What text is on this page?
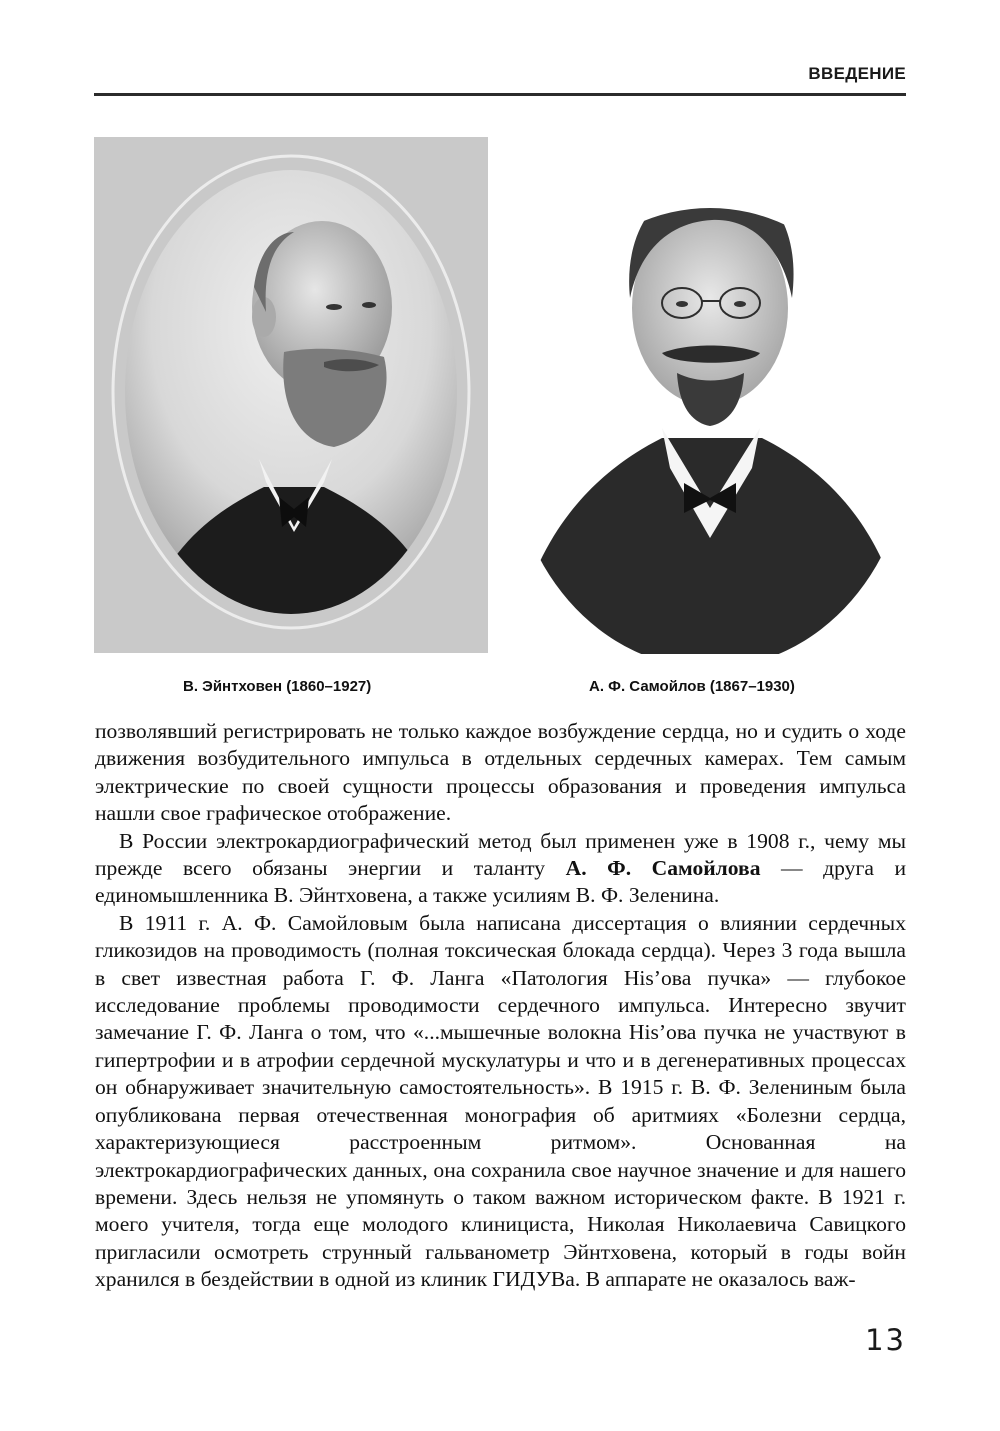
ВВЕДЕНИЕ
В. Эйнтховен (1860–1927)	А. Ф. Самойлов (1867–1930)

позволявший регистрировать не только каждое возбуждение сердца, но и судить о ходе движения возбудительного импульса в отдельных сердечных камерах. Тем самым электрические по своей сущности процессы образования и проведения импульса нашли свое графическое отображение.

В России электрокардиографический метод был применен уже в 1908 г., чему мы прежде всего обязаны энергии и таланту А. Ф. Самойлова — друга и единомышленника В. Эйнтховена, а также усилиям В. Ф. Зеленина.

В 1911 г. А. Ф. Самойловым была написана диссертация о влиянии сердечных гликозидов на проводимость (полная токсическая блокада сердца). Через 3 года вышла в свет известная работа Г. Ф. Ланга «Патология His’ова пучка» — глубокое исследование проблемы проводимости сердечного импульса. Интересно звучит замечание Г. Ф. Ланга о том, что «...мышечные волокна His’ова пучка не участвуют в гипертрофии и в атрофии сердечной мускулатуры и что и в дегенеративных процессах он обнаруживает значительную самостоятельность». В 1915 г. В. Ф. Зелениным была опубликована первая отечественная монография об аритмиях «Болезни сердца, характеризующиеся расстроенным ритмом». Основанная на электрокардиографических данных, она сохранила свое научное значение и для нашего времени. Здесь нельзя не упомянуть о таком важном историческом факте. В 1921 г. моего учителя, тогда еще молодого клинициста, Николая Николаевича Савицкого пригласили осмотреть струнный гальванометр Эйнтховена, который в годы войн хранился в бездействии в одной из клиник ГИДУВа. В аппарате не оказалось важ-

13
